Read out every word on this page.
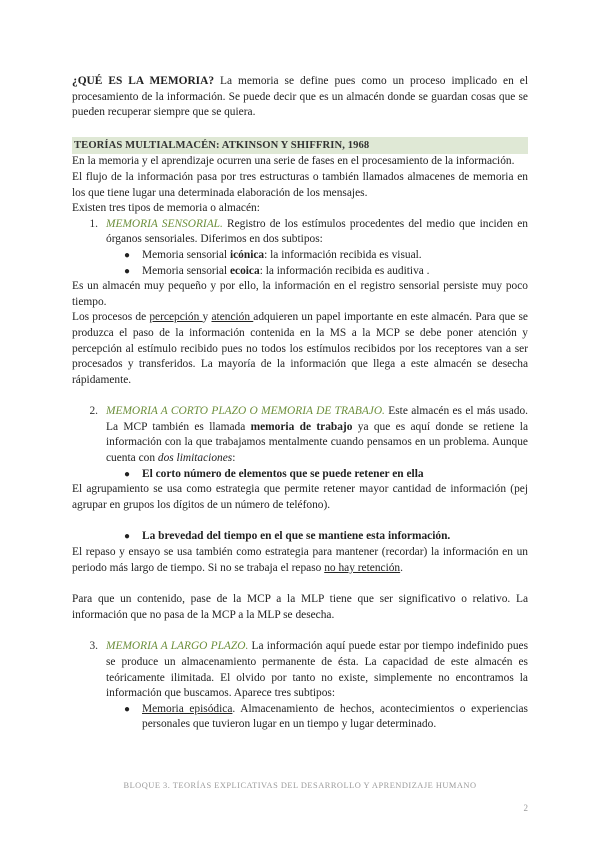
¿QUÉ ES LA MEMORIA? La memoria se define pues como un proceso implicado en el procesamiento de la información. Se puede decir que es un almacén donde se guardan cosas que se pueden recuperar siempre que se quiera.

TEORÍAS MULTIALMACÉN: ATKINSON Y SHIFFRIN, 1968

En la memoria y el aprendizaje ocurren una serie de fases en el procesamiento de la información.

El flujo de la información pasa por tres estructuras o también llamados almacenes de memoria en los que tiene lugar una determinada elaboración de los mensajes.

Existen tres tipos de memoria o almacén:

1. MEMORIA SENSORIAL. Registro de los estímulos procedentes del medio que inciden en órganos sensoriales. Diferimos en dos subtipos:
●	Memoria sensorial icónica: la información recibida es visual.
●	Memoria sensorial ecoica: la información recibida es auditiva .

Es un almacén muy pequeño y por ello, la información en el registro sensorial persiste muy poco tiempo.

Los procesos de percepción y atención adquieren un papel importante en este almacén. Para que se produzca el paso de la información contenida en la MS a la MCP se debe poner atención y percepción al estímulo recibido pues no todos los estímulos recibidos por los receptores van a ser procesados y transferidos. La mayoría de la información que llega a este almacén se desecha rápidamente.

2. MEMORIA A CORTO PLAZO O MEMORIA DE TRABAJO. Este almacén es el más usado. La MCP también es llamada memoria de trabajo ya que es aquí donde se retiene la información con la que trabajamos mentalmente cuando pensamos en un problema. Aunque cuenta con dos limitaciones:
●	El corto número de elementos que se puede retener en ella

El agrupamiento se usa como estrategia que permite retener mayor cantidad de información (pej agrupar en grupos los dígitos de un número de teléfono).

●	La brevedad del tiempo en el que se mantiene esta información.

El repaso y ensayo se usa también como estrategia para mantener (recordar) la información en un periodo más largo de tiempo. Si no se trabaja el repaso no hay retención.

Para que un contenido, pase de la MCP a la MLP tiene que ser significativo o relativo. La información que no pasa de la MCP a la MLP se desecha.

3. MEMORIA A LARGO PLAZO. La información aquí puede estar por tiempo indefinido pues se produce un almacenamiento permanente de ésta. La capacidad de este almacén es teóricamente ilimitada. El olvido por tanto no existe, simplemente no encontramos la información que buscamos. Aparece tres subtipos:
●	Memoria episódica. Almacenamiento de hechos, acontecimientos o experiencias personales que tuvieron lugar en un tiempo y lugar determinado.
BLOQUE 3. TEORÍAS EXPLICATIVAS DEL DESARROLLO Y APRENDIZAJE HUMANO
2
